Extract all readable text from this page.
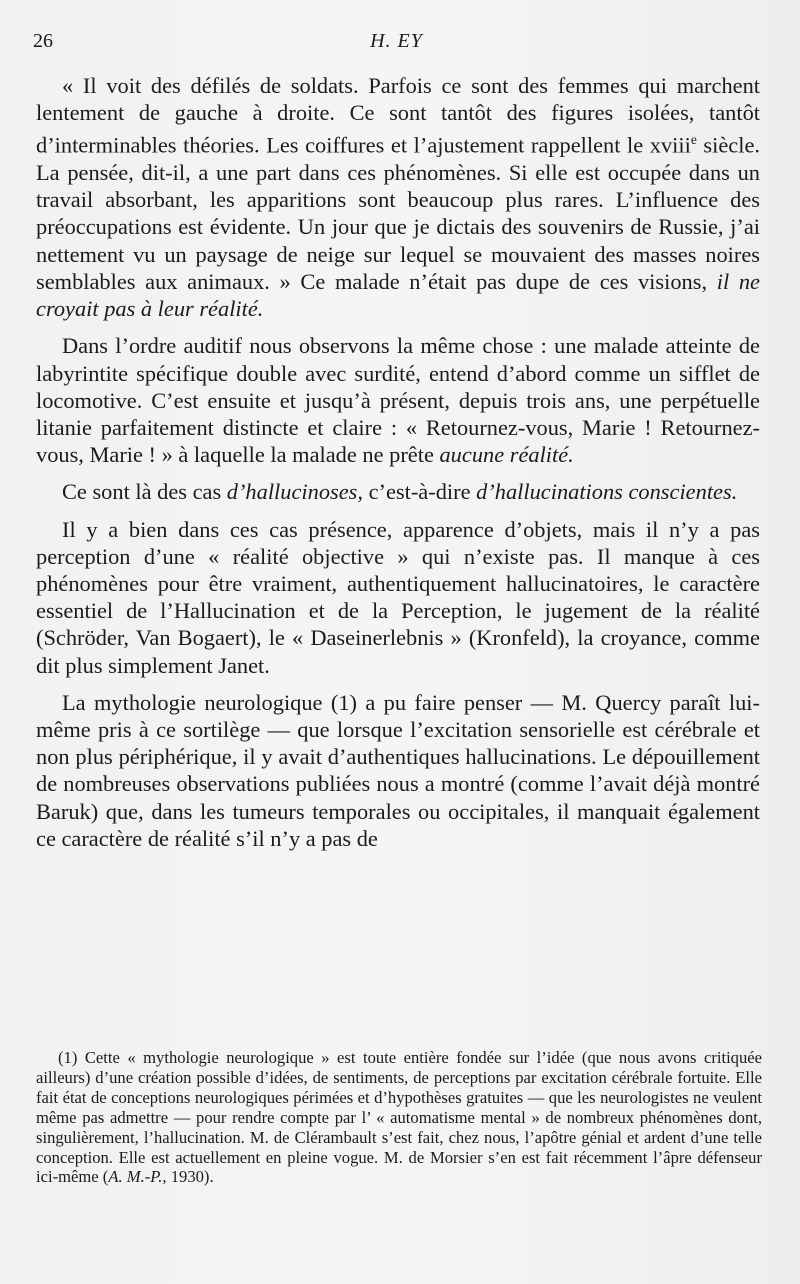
26	H. EY

« Il voit des défilés de soldats. Parfois ce sont des femmes qui marchent lentement de gauche à droite. Ce sont tantôt des figures isolées, tantôt d’interminables théories. Les coiffures et l’ajustement rappellent le xviii$^e$ siècle. La pensée, dit-il, a une part dans ces phénomènes. Si elle est occupée dans un travail absorbant, les apparitions sont beaucoup plus rares. L’influence des préoccupations est évidente. Un jour que je dictais des souvenirs de Russie, j’ai nettement vu un paysage de neige sur lequel se mouvaient des masses noires semblables aux animaux. » Ce malade n’était pas dupe de ces visions, il ne croyait pas à leur réalité.

Dans l’ordre auditif nous observons la même chose : une malade atteinte de labyrintite spécifique double avec surdité, entend d’abord comme un sifflet de locomotive. C’est ensuite et jusqu’à présent, depuis trois ans, une perpétuelle litanie parfaitement distincte et claire : « Retournez-vous, Marie ! Retournez-vous, Marie ! » à laquelle la malade ne prête aucune réalité.

Ce sont là des cas d’hallucinoses, c’est-à-dire d’hallucinations conscientes.

Il y a bien dans ces cas présence, apparence d’objets, mais il n’y a pas perception d’une « réalité objective » qui n’existe pas. Il manque à ces phénomènes pour être vraiment, authentiquement hallucinatoires, le caractère essentiel de l’Hallucination et de la Perception, le jugement de la réalité (Schröder, Van Bogaert), le « Daseinerlebnis » (Kronfeld), la croyance, comme dit plus simplement Janet.

La mythologie neurologique (1) a pu faire penser — M. Quercy paraît lui-même pris à ce sortilège — que lorsque l’excitation sensorielle est cérébrale et non plus périphérique, il y avait d’authentiques hallucinations. Le dépouillement de nombreuses observations publiées nous a montré (comme l’avait déjà montré Baruk) que, dans les tumeurs temporales ou occipitales, il manquait également ce caractère de réalité s’il n’y a pas de

(1) Cette « mythologie neurologique » est toute entière fondée sur l’idée (que nous avons critiquée ailleurs) d’une création possible d’idées, de sentiments, de perceptions par excitation cérébrale fortuite. Elle fait état de conceptions neurologiques périmées et d’hypothèses gratuites — que les neurologistes ne veulent même pas admettre — pour rendre compte par l’ « automatisme mental » de nombreux phénomènes dont, singulièrement, l’hallucination. M. de Clérambault s’est fait, chez nous, l’apôtre génial et ardent d’une telle conception. Elle est actuellement en pleine vogue. M. de Morsier s’en est fait récemment l’âpre défenseur ici-même (A. M.-P., 1930).
